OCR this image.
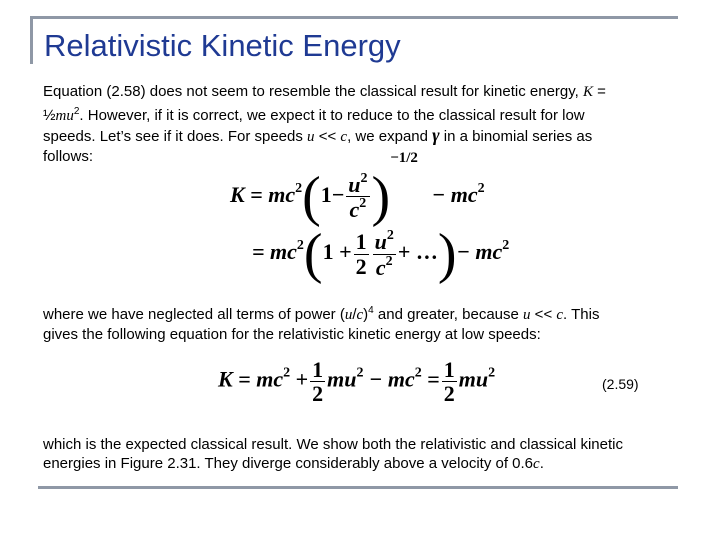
Relativistic Kinetic Energy
Equation (2.58) does not seem to resemble the classical result for kinetic energy, K =
$\frac{1}{2}mu^2$. However, if it is correct, we expect it to reduce to the classical result for low
speeds. Let’s see if it does. For speeds u << c, we expand γ in a binomial series as
follows:
$K = mc^2(1- \frac{u^2}{c^2} )^{-1/2}- mc^2$
= $mc^2(1 + \frac{1}{2} \frac{u^2}{c^2}$ + …)− $mc^2$
where we have neglected all terms of power $(u/c)^4$ and greater, because u << c. This
gives the following equation for the relativistic kinetic energy at low speeds:
$K = mc^2 + \frac{1}{2} mu^2 - mc^2 = \frac{1}{2} mu^2$
(2.59)
which is the expected classical result. We show both the relativistic and classical kinetic
energies in Figure 2.31. They diverge considerably above a velocity of 0.6c.
